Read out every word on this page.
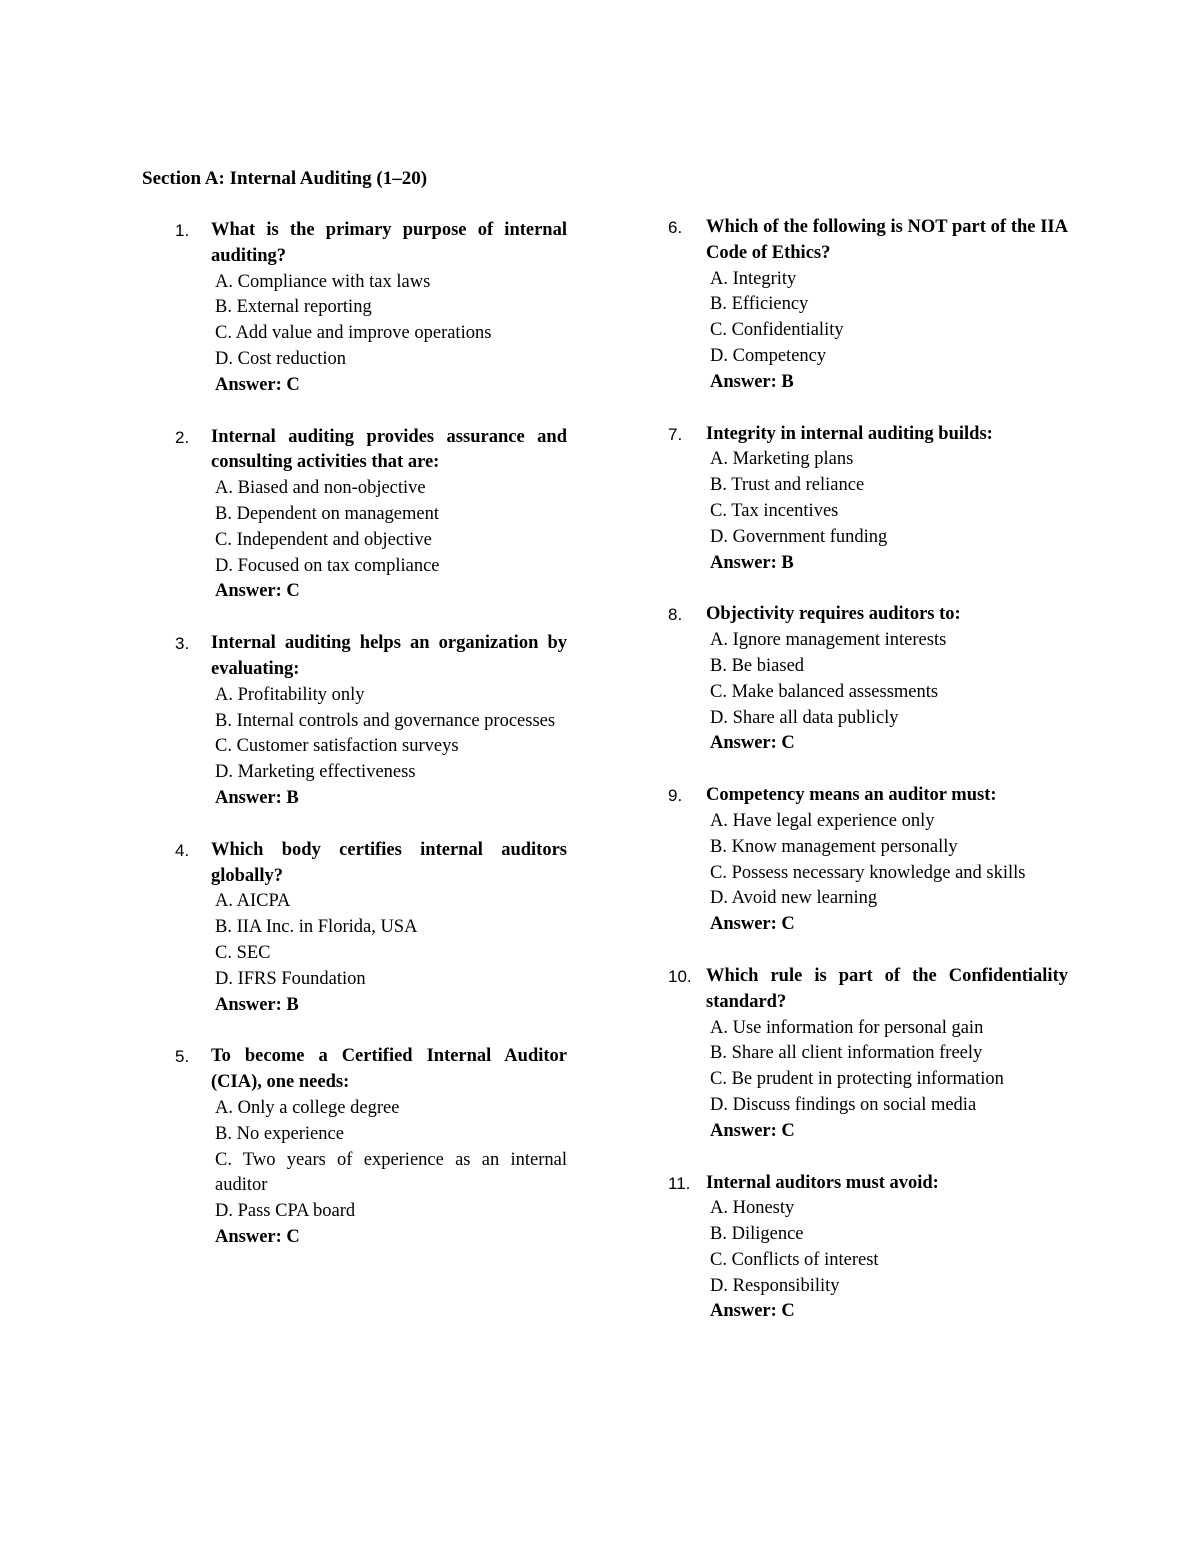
Section A: Internal Auditing (1–20)
1. What is the primary purpose of internal auditing?

A. Compliance with tax laws
B. External reporting
C. Add value and improve operations
D. Cost reduction

Answer: C

2. Internal auditing provides assurance and consulting activities that are:

A. Biased and non-objective
B. Dependent on management
C. Independent and objective
D. Focused on tax compliance

Answer: C

3. Internal auditing helps an organization by evaluating:

A. Profitability only
B. Internal controls and governance processes
C. Customer satisfaction surveys
D. Marketing effectiveness

Answer: B

4. Which body certifies internal auditors globally?

A. AICPA
B. IIA Inc. in Florida, USA
C. SEC
D. IFRS Foundation

Answer: B

5. To become a Certified Internal Auditor (CIA), one needs:

A. Only a college degree
B. No experience
C. Two years of experience as an internal auditor
D. Pass CPA board

Answer: C

6. Which of the following is NOT part of the IIA Code of Ethics?

A. Integrity
B. Efficiency
C. Confidentiality
D. Competency

Answer: B

7. Integrity in internal auditing builds:

A. Marketing plans
B. Trust and reliance
C. Tax incentives
D. Government funding

Answer: B

8. Objectivity requires auditors to:

A. Ignore management interests
B. Be biased
C. Make balanced assessments
D. Share all data publicly

Answer: C

9. Competency means an auditor must:

A. Have legal experience only
B. Know management personally
C. Possess necessary knowledge and skills
D. Avoid new learning

Answer: C

10. Which rule is part of the Confidentiality standard?

A. Use information for personal gain
B. Share all client information freely
C. Be prudent in protecting information
D. Discuss findings on social media

Answer: C

11. Internal auditors must avoid:

A. Honesty
B. Diligence
C. Conflicts of interest
D. Responsibility

Answer: C
